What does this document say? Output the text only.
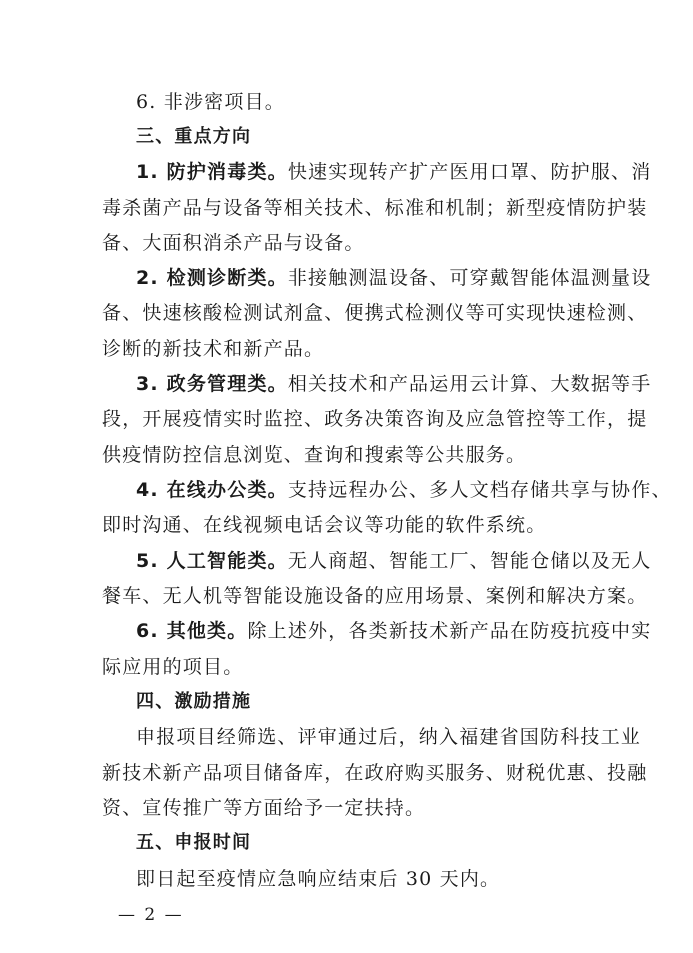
6. 非涉密项目。
三、重点方向
1. 防护消毒类。快速实现转产扩产医用口罩、防护服、消
毒杀菌产品与设备等相关技术、标准和机制；新型疫情防护装
备、大面积消杀产品与设备。
2. 检测诊断类。非接触测温设备、可穿戴智能体温测量设
备、快速核酸检测试剂盒、便携式检测仪等可实现快速检测、
诊断的新技术和新产品。
3. 政务管理类。相关技术和产品运用云计算、大数据等手
段，开展疫情实时监控、政务决策咨询及应急管控等工作，提
供疫情防控信息浏览、查询和搜索等公共服务。
4. 在线办公类。支持远程办公、多人文档存储共享与协作、
即时沟通、在线视频电话会议等功能的软件系统。
5. 人工智能类。无人商超、智能工厂、智能仓储以及无人
餐车、无人机等智能设施设备的应用场景、案例和解决方案。
6. 其他类。除上述外，各类新技术新产品在防疫抗疫中实
际应用的项目。
四、激励措施
申报项目经筛选、评审通过后，纳入福建省国防科技工业
新技术新产品项目储备库，在政府购买服务、财税优惠、投融
资、宣传推广等方面给予一定扶持。
五、申报时间
即日起至疫情应急响应结束后 30 天内。
— 2 —
